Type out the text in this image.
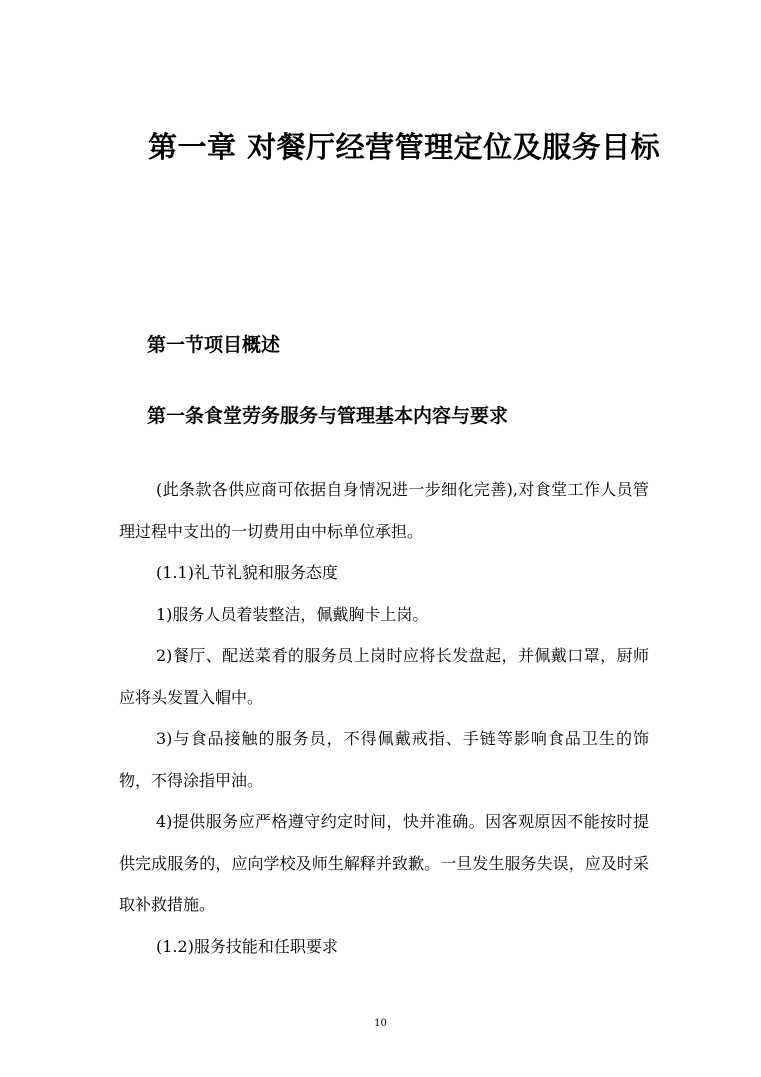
第一章 对餐厅经营管理定位及服务目标
第一节项目概述
第一条食堂劳务服务与管理基本内容与要求

(此条款各供应商可依据自身情况进一步细化完善),对食堂工作人员管理过程中支出的一切费用由中标单位承担。

(1.1)礼节礼貌和服务态度

1)服务人员着装整洁，佩戴胸卡上岗。

2)餐厅、配送菜肴的服务员上岗时应将长发盘起，并佩戴口罩，厨师应将头发置入帽中。

3)与食品接触的服务员，不得佩戴戒指、手链等影响食品卫生的饰物，不得涂指甲油。

4)提供服务应严格遵守约定时间，快并准确。因客观原因不能按时提供完成服务的，应向学校及师生解释并致歉。一旦发生服务失误，应及时采取补救措施。

(1.2)服务技能和任职要求

10
